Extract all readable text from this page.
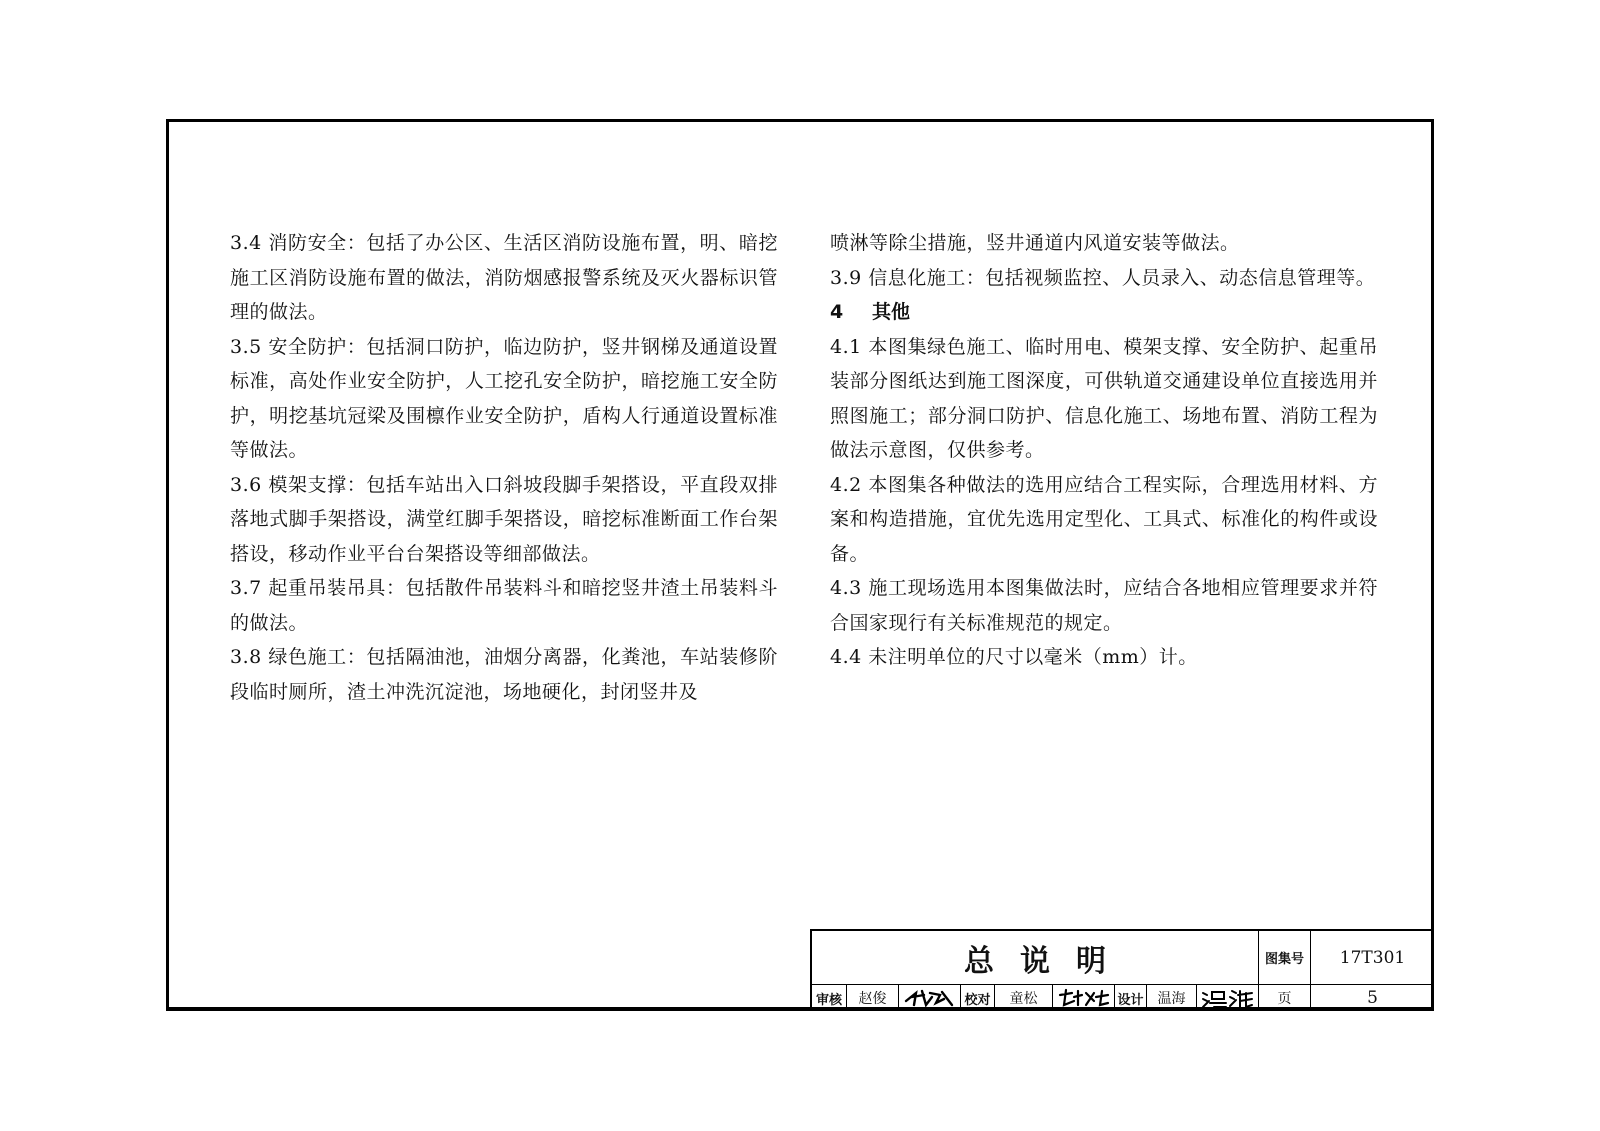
3.4 消防安全：包括了办公区、生活区消防设施布置，明、暗挖施工区消防设施布置的做法，消防烟感报警系统及灭火器标识管理的做法。

3.5 安全防护：包括洞口防护，临边防护，竖井钢梯及通道设置标准，高处作业安全防护，人工挖孔安全防护，暗挖施工安全防护，明挖基坑冠梁及围檩作业安全防护，盾构人行通道设置标准等做法。

3.6 模架支撑：包括车站出入口斜坡段脚手架搭设，平直段双排落地式脚手架搭设，满堂红脚手架搭设，暗挖标准断面工作台架搭设，移动作业平台台架搭设等细部做法。

3.7 起重吊装吊具：包括散件吊装料斗和暗挖竖井渣土吊装料斗的做法。

3.8 绿色施工：包括隔油池，油烟分离器，化粪池，车站装修阶段临时厕所，渣土冲洗沉淀池，场地硬化，封闭竖井及

喷淋等除尘措施，竖井通道内风道安装等做法。

3.9 信息化施工：包括视频监控、人员录入、动态信息管理等。

4 其他

4.1 本图集绿色施工、临时用电、模架支撑、安全防护、起重吊装部分图纸达到施工图深度，可供轨道交通建设单位直接选用并照图施工；部分洞口防护、信息化施工、场地布置、消防工程为做法示意图，仅供参考。

4.2 本图集各种做法的选用应结合工程实际，合理选用材料、方案和构造措施，宜优先选用定型化、工具式、标准化的构件或设备。

4.3 施工现场选用本图集做法时，应结合各地相应管理要求并符合国家现行有关标准规范的规定。

4.4 未注明单位的尺寸以毫米（mm）计。

总说明	图集号 17T301
审核 赵俊	校对 童松	设计 温海	页	5
